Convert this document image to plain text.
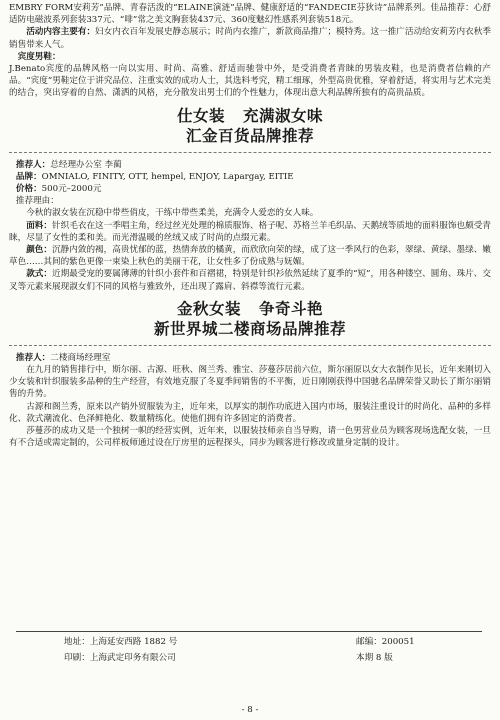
EMBRY FORM安莉芳”品牌、青春活泼的“ELAINE演涟”品牌、健康舒适的“FANDECIE芬狄诗”品牌系列。佳品推荐：心舒适防电磁波系列套装337元、“啡”常之美文胸套装437元、360度魅幻性感系列套装518元。

活动内容主要有：妇女内衣百年发展史静态展示；时尚内衣推广，新款商品推广；模特秀。这一推广活动给安莉芳内衣秋季销售带来人气。

宾度男鞋：

J.Benato宾度的品牌风格一向以实用、时尚、高雅、舒适而驰誉中外，是受消费者青睐的男装皮鞋，也是消费者信赖的产品。“宾度”男鞋定位于讲究品位、注重实效的成功人士，其选料考究，精工细琢，外型高贵优雅，穿着舒适，将实用与艺术完美的结合，突出穿着的自然、潇洒的风格，充分散发出男士们的个性魅力，体现出意大利品牌所独有的高贵品质。

仕女装 充满淑女味
汇金百货品牌推荐

推荐人：总经理办公室 李蔺

品牌：OMNIALO, FINITY, OTT, hempel, ENJOY, Lapargay, EITIE

价格：500元–2000元

推荐理由：

今秋的淑女装在沉稳中带些俏皮，干练中带些柔美，充满令人爱恋的女人味。

面料：针织毛衣在这一季唱主角，经过丝光处理的棉质服饰、格子呢、苏格兰羊毛织品、天鹅绒等质地的面料服饰也颇受青睐，尽显了女性的柔和美。而光滑温暖的丝绒又成了时尚的点缀元素。

颜色：沉静内敛的褐，高贵忧郁的蓝，热情奔放的橘黄，而欣欣向荣的绿，成了这一季风行的色彩，翠绿、黄绿、墨绿、嫩草色……其间的紫色更像一束染上秋色的美丽干花，让女性多了份成熟与妩媚。

款式：近期最受宠的要属薄薄的针织小套件和百褶裙，特别是针织衫依然延续了夏季的“短”，用各种镂空、圆角、珠片、交叉等元素来展现淑女们不同的风格与雅致外，还出现了露肩、斜襟等流行元素。

金秋女装 争奇斗艳
新世界城二楼商场品牌推荐

推荐人：二楼商场经理室

在九月的销售排行中，斯尔丽、古源、旺秋、阁兰秀、雅宝、莎蔓莎居前六位，斯尔丽原以女大衣制作见长，近年来刚切入少女装和针织服装多品种的生产经营，有效地克服了冬夏季间销售的不平衡，近日刚刚获得中国驰名品牌荣誉又助长了斯尔丽销售的升势。

古源和阁兰秀，原来以产销外贸服装为主，近年来，以厚实的制作功底进入国内市场，服装注重设计的时尚化、品种的多样化、款式潮流化、色泽鲜艳化、数量精练化。使他们拥有许多固定的消费者。

莎蔓莎的成功又是一个独树一帜的经营实例，近年来，以服装技师亲自当导购，请一色男营业员为顾客现场选配女装，一旦有不合适或需定制的，公司样板师通过设在厅房里的远程探头，同步为顾客进行修改或量身定制的设计。

地址：上海延安西路 1882 号	邮编：200051
印刷：上海武定印务有限公司	本期 8 版
- 8 -
